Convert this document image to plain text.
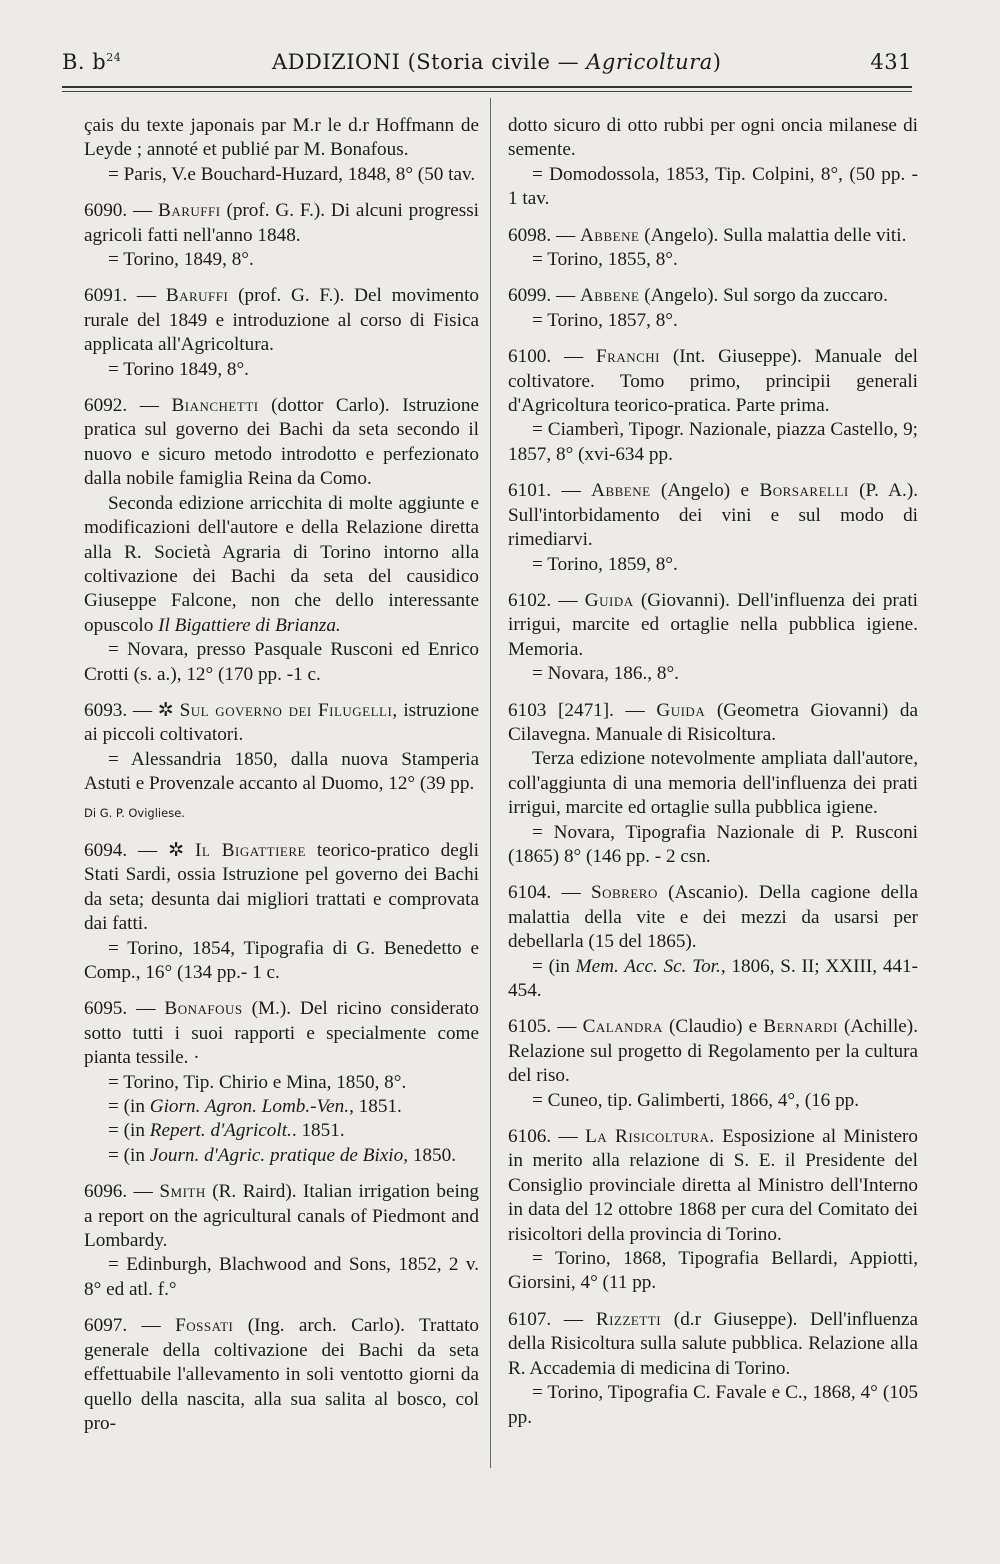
B. $b^{24}$	ADDIZIONI (Storia civile — Agricoltura)	431

çais du texte japonais par M.r le d.r Hoffmann de Leyde ; annoté et publié par M. Bonafous.

= Paris, V.e Bouchard-Huzard, 1848, 8° (50 tav.

6090. — Baruffi (prof. G. F.). Di alcuni progressi agricoli fatti nell'anno 1848.

= Torino, 1849, 8°.

6091. — Baruffi (prof. G. F.). Del movimento rurale del 1849 e introduzione al corso di Fisica applicata all'Agricoltura.

= Torino 1849, 8°.

6092. — Bianchetti (dottor Carlo). Istruzione pratica sul governo dei Bachi da seta secondo il nuovo e sicuro metodo introdotto e perfezionato dalla nobile famiglia Reina da Como.

Seconda edizione arricchita di molte aggiunte e modificazioni dell'autore e della Relazione diretta alla R. Società Agraria di Torino intorno alla coltivazione dei Bachi da seta del causidico Giuseppe Falcone, non che dello interessante opuscolo Il Bigattiere di Brianza.

= Novara, presso Pasquale Rusconi ed Enrico Crotti (s. a.), 12° (170 pp. -1 c.

6093. — ✲ Sul governo dei Filugelli, istruzione ai piccoli coltivatori.

= Alessandria 1850, dalla nuova Stamperia Astuti e Provenzale accanto al Duomo, 12° (39 pp.

Di G. P. Ovigliese.

6094. — ✲ Il Bigattiere teorico-pratico degli Stati Sardi, ossia Istruzione pel governo dei Bachi da seta; desunta dai migliori trattati e comprovata dai fatti.

= Torino, 1854, Tipografia di G. Benedetto e Comp., 16° (134 pp.- 1 c.

6095. — Bonafous (M.). Del ricino considerato sotto tutti i suoi rapporti e specialmente come pianta tessile. ·

= Torino, Tip. Chirio e Mina, 1850, 8°.

= (in Giorn. Agron. Lomb.-Ven., 1851.

= (in Repert. d'Agricolt.. 1851.

= (in Journ. d'Agric. pratique de Bixio, 1850.

6096. — Smith (R. Raird). Italian irrigation being a report on the agricultural canals of Piedmont and Lombardy.

= Edinburgh, Blachwood and Sons, 1852, 2 v. 8° ed atl. f.°

6097. — Fossati (Ing. arch. Carlo). Trattato generale della coltivazione dei Bachi da seta effettuabile l'allevamento in soli ventotto giorni da quello della nascita, alla sua salita al bosco, col pro-

dotto sicuro di otto rubbi per ogni oncia milanese di semente.

= Domodossola, 1853, Tip. Colpini, 8°, (50 pp. - 1 tav.

6098. — Abbene (Angelo). Sulla malattia delle viti.

= Torino, 1855, 8°.

6099. — Abbene (Angelo). Sul sorgo da zuccaro.

= Torino, 1857, 8°.

6100. — Franchi (Int. Giuseppe). Manuale del coltivatore. Tomo primo, principii generali d'Agricoltura teorico-pratica. Parte prima.

= Ciamberì, Tipogr. Nazionale, piazza Castello, 9; 1857, 8° (xvi-634 pp.

6101. — Abbene (Angelo) e Borsarelli (P. A.). Sull'intorbidamento dei vini e sul modo di rimediarvi.

= Torino, 1859, 8°.

6102. — Guida (Giovanni). Dell'influenza dei prati irrigui, marcite ed ortaglie nella pubblica igiene. Memoria.

= Novara, 186., 8°.

6103 [2471]. — Guida (Geometra Giovanni) da Cilavegna. Manuale di Risicoltura.

Terza edizione notevolmente ampliata dall'autore, coll'aggiunta di una memoria dell'influenza dei prati irrigui, marcite ed ortaglie sulla pubblica igiene.

= Novara, Tipografia Nazionale di P. Rusconi (1865) 8° (146 pp. - 2 csn.

6104. — Sobrero (Ascanio). Della cagione della malattia della vite e dei mezzi da usarsi per debellarla (15 del 1865).

= (in Mem. Acc. Sc. Tor., 1806, S. II; XXIII, 441-454.

6105. — Calandra (Claudio) e Bernardi (Achille). Relazione sul progetto di Regolamento per la cultura del riso.

= Cuneo, tip. Galimberti, 1866, 4°, (16 pp.

6106. — La Risicoltura. Esposizione al Ministero in merito alla relazione di S. E. il Presidente del Consiglio provinciale diretta al Ministro dell'Interno in data del 12 ottobre 1868 per cura del Comitato dei risicoltori della provincia di Torino.

= Torino, 1868, Tipografia Bellardi, Appiotti, Giorsini, 4° (11 pp.

6107. — Rizzetti (d.r Giuseppe). Dell'influenza della Risicoltura sulla salute pubblica. Relazione alla R. Accademia di medicina di Torino.

= Torino, Tipografia C. Favale e C., 1868, 4° (105 pp.
